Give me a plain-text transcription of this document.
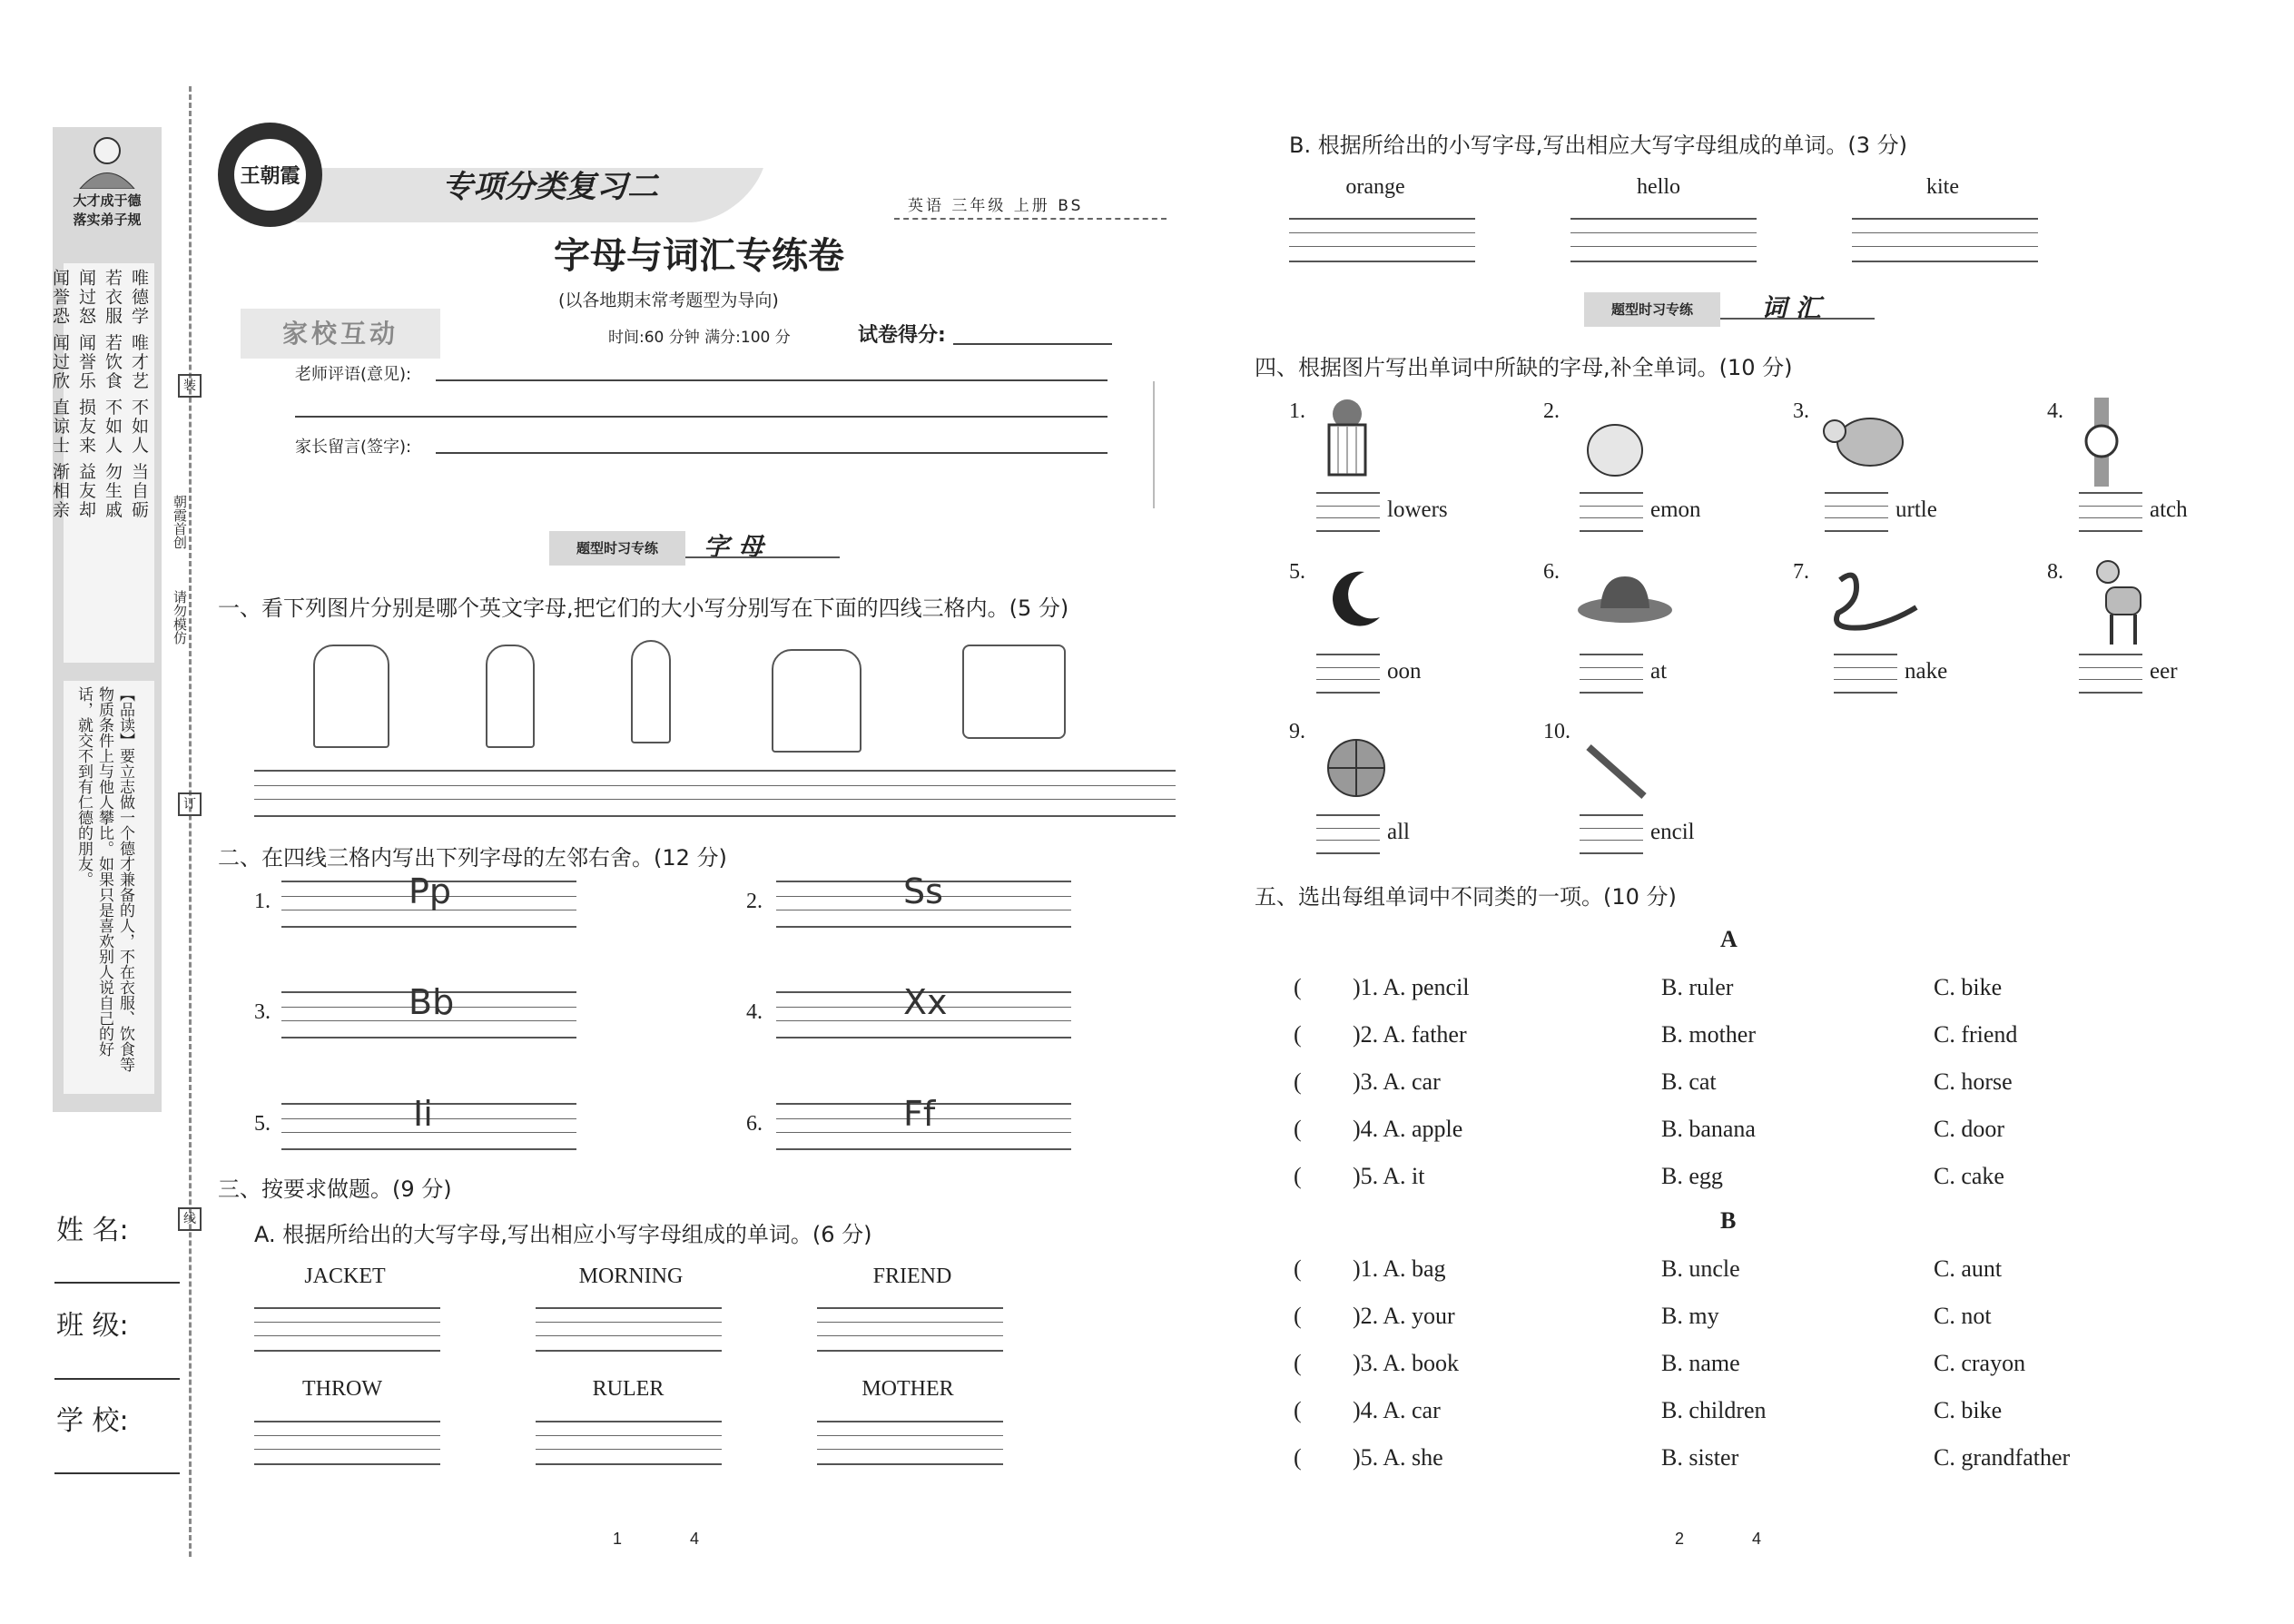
大才成于德
落实弟子规
唯德学 唯才艺 不如人 当自砺
若衣服 若饮食 不如人 勿生戚
闻过怒 闻誉乐 损友来 益友却
闻誉恐 闻过欣 直谅士 渐相亲
【品读】要立志做一个德才兼备的人，不在衣服、饮食等物质条件上与他人攀比。如果只是喜欢别人说自己的好话，就交不到有仁德的朋友。
装
订
线
朝霞首创
请勿模仿
姓 名:
班 级:
学 校:
王朝霞	专项分类复习二
英语 三年级 上册 BS
字母与词汇专练卷
(以各地期末常考题型为导向)
家校互动	时间:60 分钟 满分:100 分	试卷得分:
老师评语(意见):
家长留言(签字):
题型时习专练	字 母
一、看下列图片分别是哪个英文字母,把它们的大小写分别写在下面的四线三格内。(5 分)
二、在四线三格内写出下列字母的左邻右舍。(12 分)
1.	Pp	2.	Ss
3.	Bb	4.	Xx
5.	Ii	6.	Ff
三、按要求做题。(9 分)
A. 根据所给出的大写字母,写出相应小写字母组成的单词。(6 分)
JACKET	MORNING	FRIEND
THROW	RULER	MOTHER
1	4
B. 根据所给出的小写字母,写出相应大写字母组成的单词。(3 分)
orange	hello	kite
题型时习专练	词 汇
四、根据图片写出单词中所缺的字母,补全单词。(10 分)
1.
lowers
2.
emon
3.
urtle
4.
atch
5.
oon
6.
at
7.
nake
8.
eer
9.
all
10.
encil
五、选出每组单词中不同类的一项。(10 分)
A
( )1. A. pencil	B. ruler	C. bike
( )2. A. father	B. mother	C. friend
( )3. A. car	B. cat	C. horse
( )4. A. apple	B. banana	C. door
( )5. A. it	B. egg	C. cake
B
( )1. A. bag	B. uncle	C. aunt
( )2. A. your	B. my	C. not
( )3. A. book	B. name	C. crayon
( )4. A. car	B. children	C. bike
( )5. A. she	B. sister	C. grandfather
2	4
